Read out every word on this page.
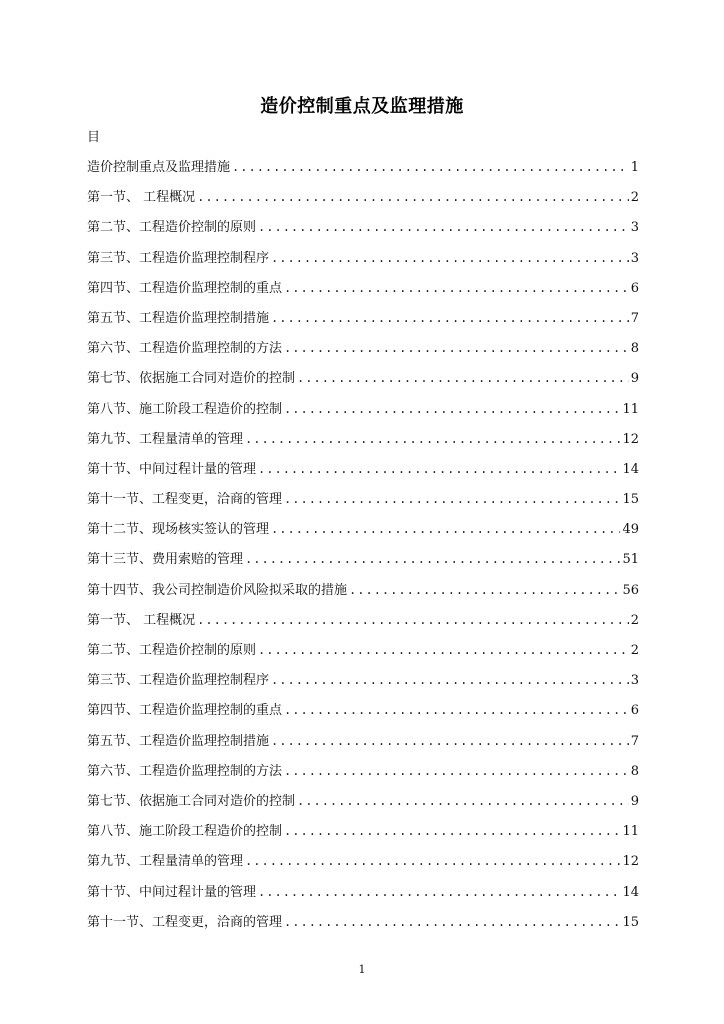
造价控制重点及监理措施
目
造价控制重点及监理措施 .....	1
第一节、 工程概况 .....	2
第二节、工程造价控制的原则 .....	3
第三节、工程造价监理控制程序 .....	3
第四节、工程造价监理控制的重点 .....	6
第五节、工程造价监理控制措施 .....	7
第六节、工程造价监理控制的方法 .....	8
第七节、依据施工合同对造价的控制 .....	9
第八节、施工阶段工程造价的控制 .....	11
第九节、工程量清单的管理 .....	12
第十节、中间过程计量的管理 .....	14
第十一节、工程变更，洽商的管理 .....	15
第十二节、现场核实签认的管理 .....	49
第十三节、费用索赔的管理 .....	51
第十四节、我公司控制造价风险拟采取的措施 .....	56
第一节、 工程概况 .....	2
第二节、工程造价控制的原则 .....	2
第三节、工程造价监理控制程序 .....	3
第四节、工程造价监理控制的重点 .....	6
第五节、工程造价监理控制措施 .....	7
第六节、工程造价监理控制的方法 .....	8
第七节、依据施工合同对造价的控制 .....	9
第八节、施工阶段工程造价的控制 .....	11
第九节、工程量清单的管理 .....	12
第十节、中间过程计量的管理 .....	14
第十一节、工程变更，洽商的管理 .....	15
1
